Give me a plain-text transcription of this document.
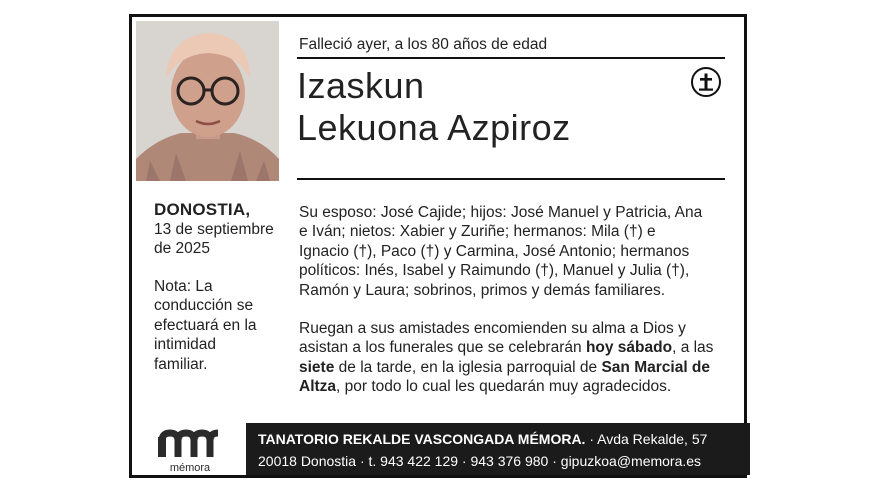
Falleció ayer, a los 80 años de edad
Izaskun
Lekuona Azpiroz
DONOSTIA,
13 de septiembre
de 2025
Nota: La
conducción se
efectuará en la
intimidad
familiar.
Su esposo: José Cajide; hijos: José Manuel y Patricia, Ana
e Iván; nietos: Xabier y Zuriñe; hermanos: Mila (†) e
Ignacio (†), Paco (†) y Carmina, José Antonio; hermanos
políticos: Inés, Isabel y Raimundo (†), Manuel y Julia (†),
Ramón y Laura; sobrinos, primos y demás familiares.
Ruegan a sus amistades encomienden su alma a Dios y
asistan a los funerales que se celebrarán hoy sábado, a las
siete de la tarde, en la iglesia parroquial de San Marcial de
Altza, por todo lo cual les quedarán muy agradecidos.
mémora
TANATORIO REKALDE VASCONGADA MÉMORA. · Avda Rekalde, 57
20018 Donostia · t. 943 422 129 · 943 376 980 · gipuzkoa@memora.es
